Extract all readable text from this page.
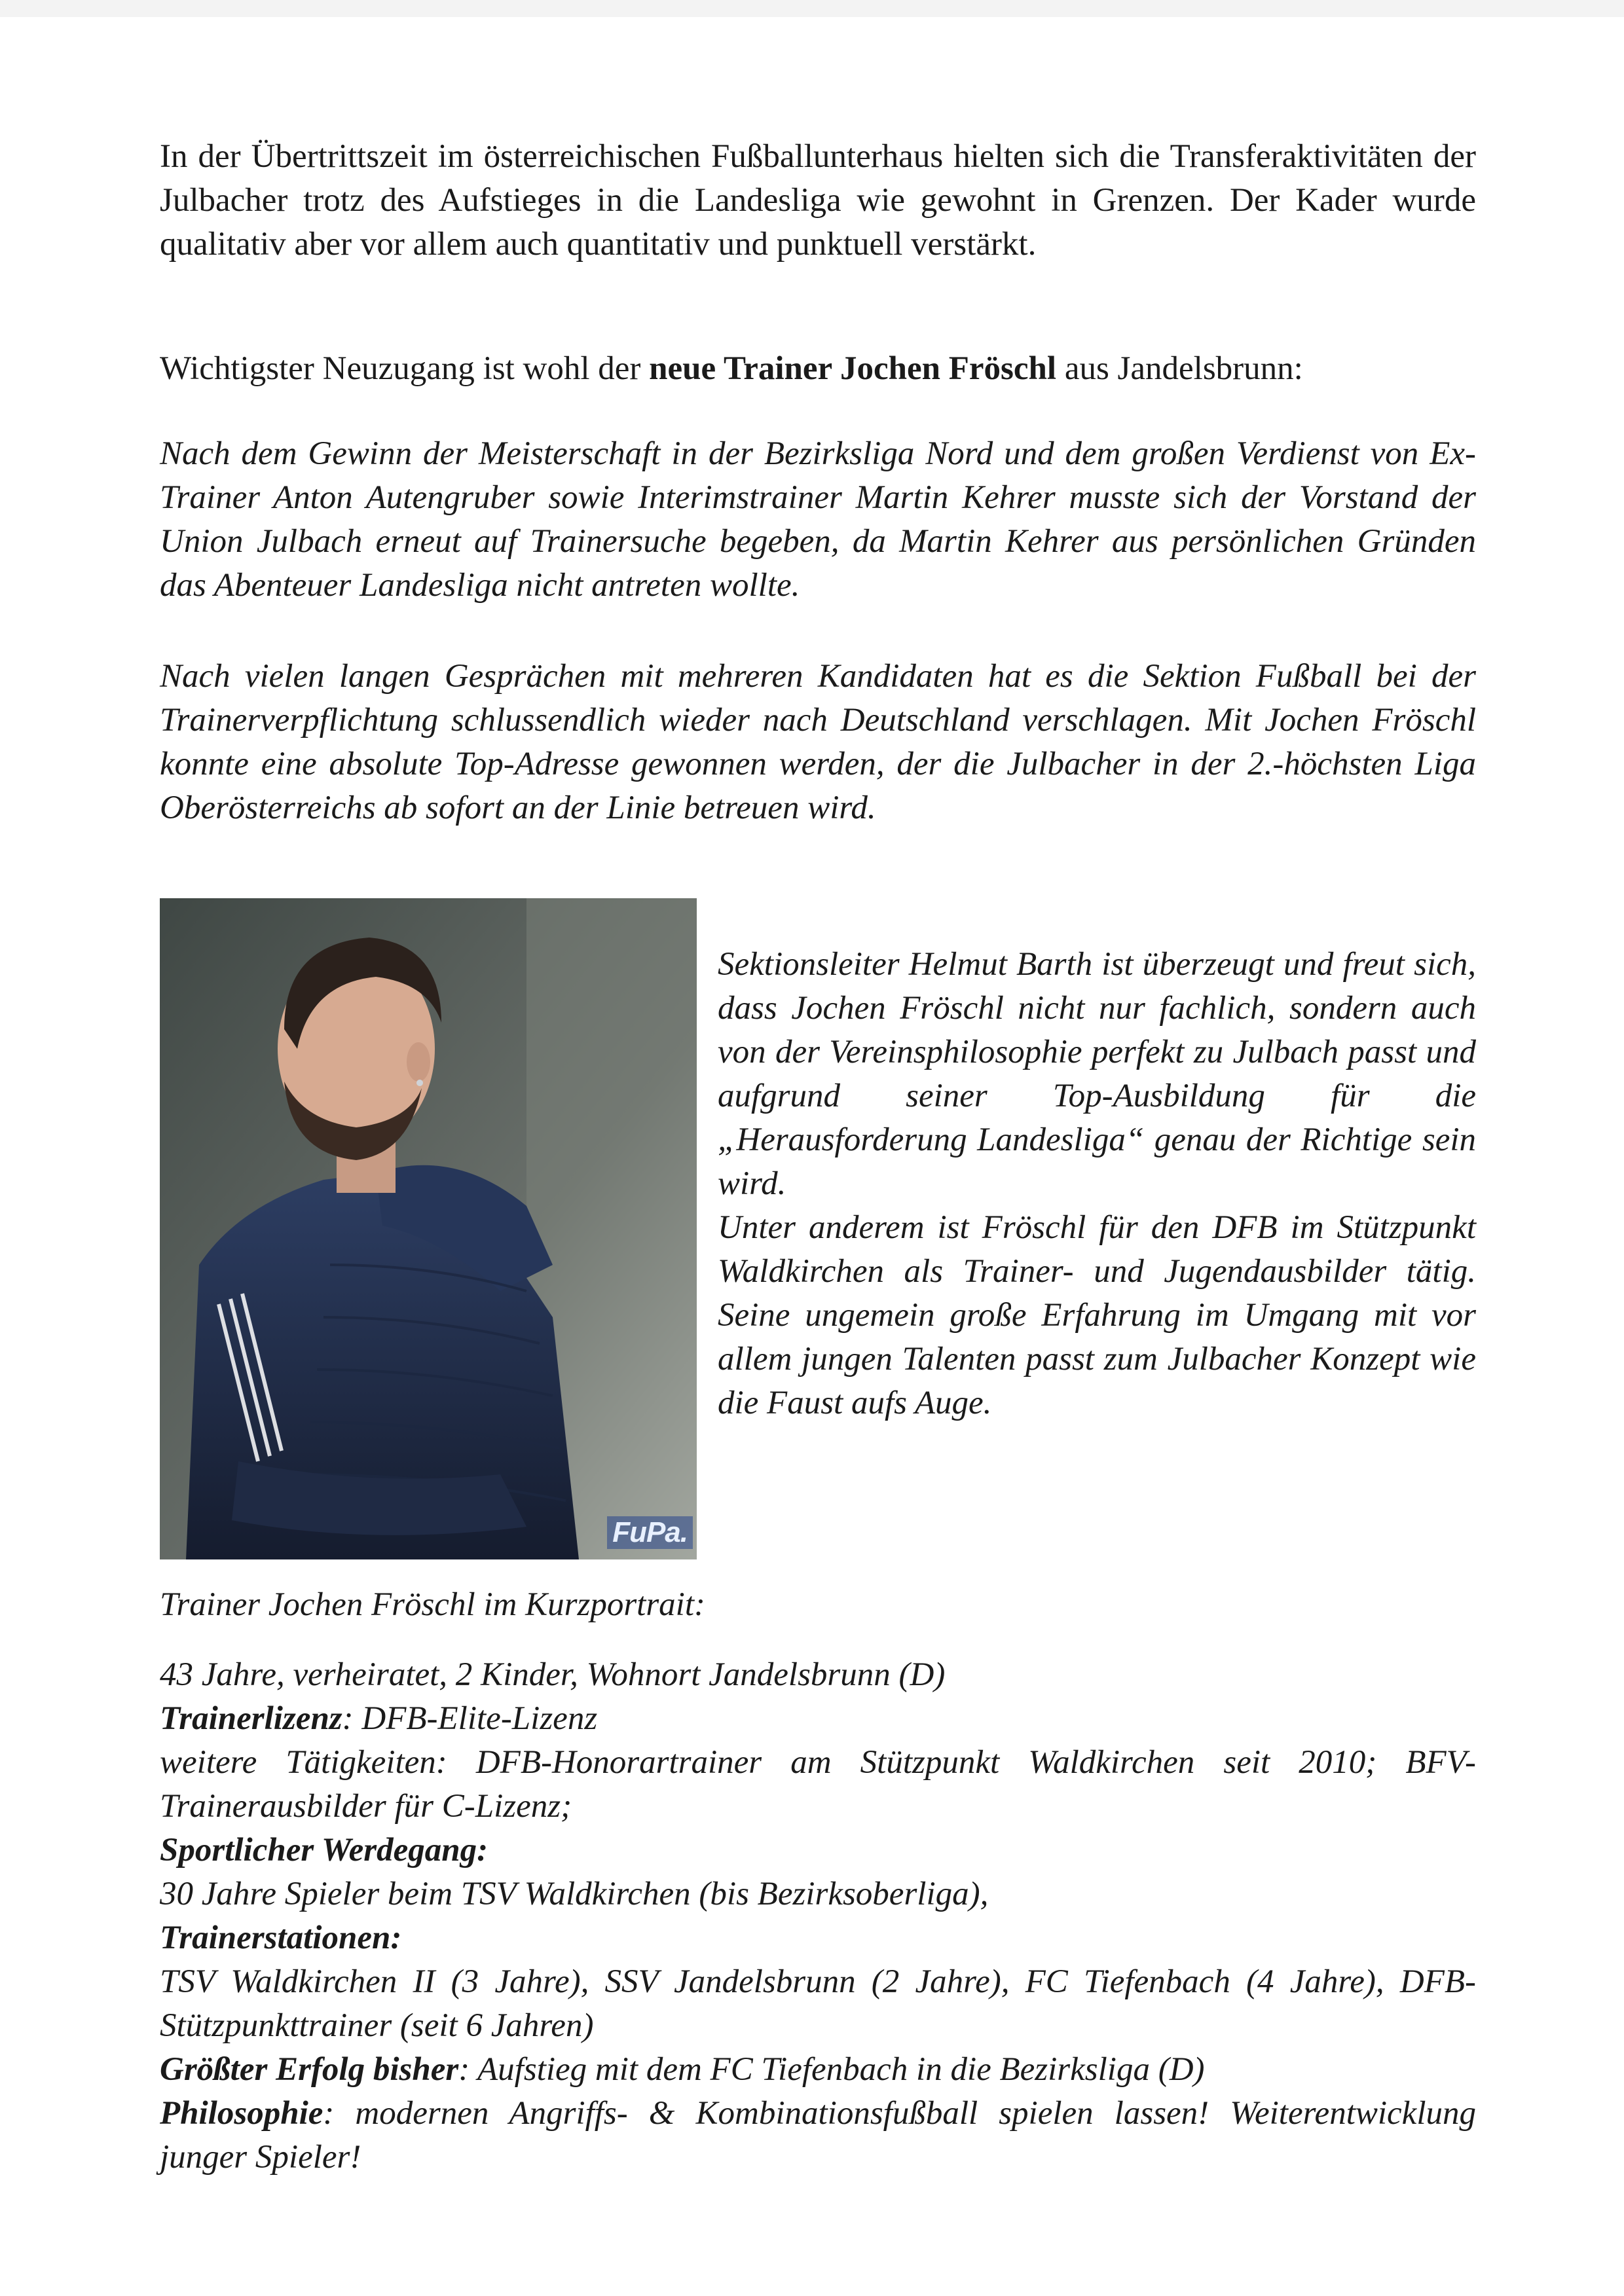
In der Übertrittszeit im österreichischen Fußballunterhaus hielten sich die Transferaktivitäten der Julbacher trotz des Aufstieges in die Landesliga wie gewohnt in Grenzen. Der Kader wurde qualitativ aber vor allem auch quantitativ und punktuell verstärkt.

Wichtigster Neuzugang ist wohl der neue Trainer Jochen Fröschl aus Jandelsbrunn:

Nach dem Gewinn der Meisterschaft in der Bezirksliga Nord und dem großen Verdienst von Ex-Trainer Anton Autengruber sowie Interimstrainer Martin Kehrer musste sich der Vorstand der Union Julbach erneut auf Trainersuche begeben, da Martin Kehrer aus persönlichen Gründen das Abenteuer Landesliga nicht antreten wollte.

Nach vielen langen Gesprächen mit mehreren Kandidaten hat es die Sektion Fußball bei der Trainerverpflichtung schlussendlich wieder nach Deutschland verschlagen. Mit Jochen Fröschl konnte eine absolute Top-Adresse gewonnen werden, der die Julbacher in der 2.-höchsten Liga Oberösterreichs ab sofort an der Linie betreuen wird.

FuPa.
Sektionsleiter Helmut Barth ist überzeugt und freut sich, dass Jochen Fröschl nicht nur fachlich, sondern auch von der Vereinsphilosophie perfekt zu Julbach passt und aufgrund seiner Top-Ausbildung für die „Herausforderung Landesliga“ genau der Richtige sein wird.
Unter anderem ist Fröschl für den DFB im Stützpunkt Waldkirchen als Trainer- und Jugendausbilder tätig. Seine ungemein große Erfahrung im Umgang mit vor allem jungen Talenten passt zum Julbacher Konzept wie die Faust aufs Auge.

Trainer Jochen Fröschl im Kurzportrait:

43 Jahre, verheiratet, 2 Kinder, Wohnort Jandelsbrunn (D)
Trainerlizenz: DFB-Elite-Lizenz
weitere Tätigkeiten: DFB-Honorartrainer am Stützpunkt Waldkirchen seit 2010; BFV-Trainerausbilder für C-Lizenz;
Sportlicher Werdegang:
30 Jahre Spieler beim TSV Waldkirchen (bis Bezirksoberliga),
Trainerstationen:
TSV Waldkirchen II (3 Jahre), SSV Jandelsbrunn (2 Jahre), FC Tiefenbach (4 Jahre), DFB-Stützpunkttrainer (seit 6 Jahren)
Größter Erfolg bisher: Aufstieg mit dem FC Tiefenbach in die Bezirksliga (D)
Philosophie: modernen Angriffs- & Kombinationsfußball spielen lassen! Weiterentwicklung junger Spieler!
